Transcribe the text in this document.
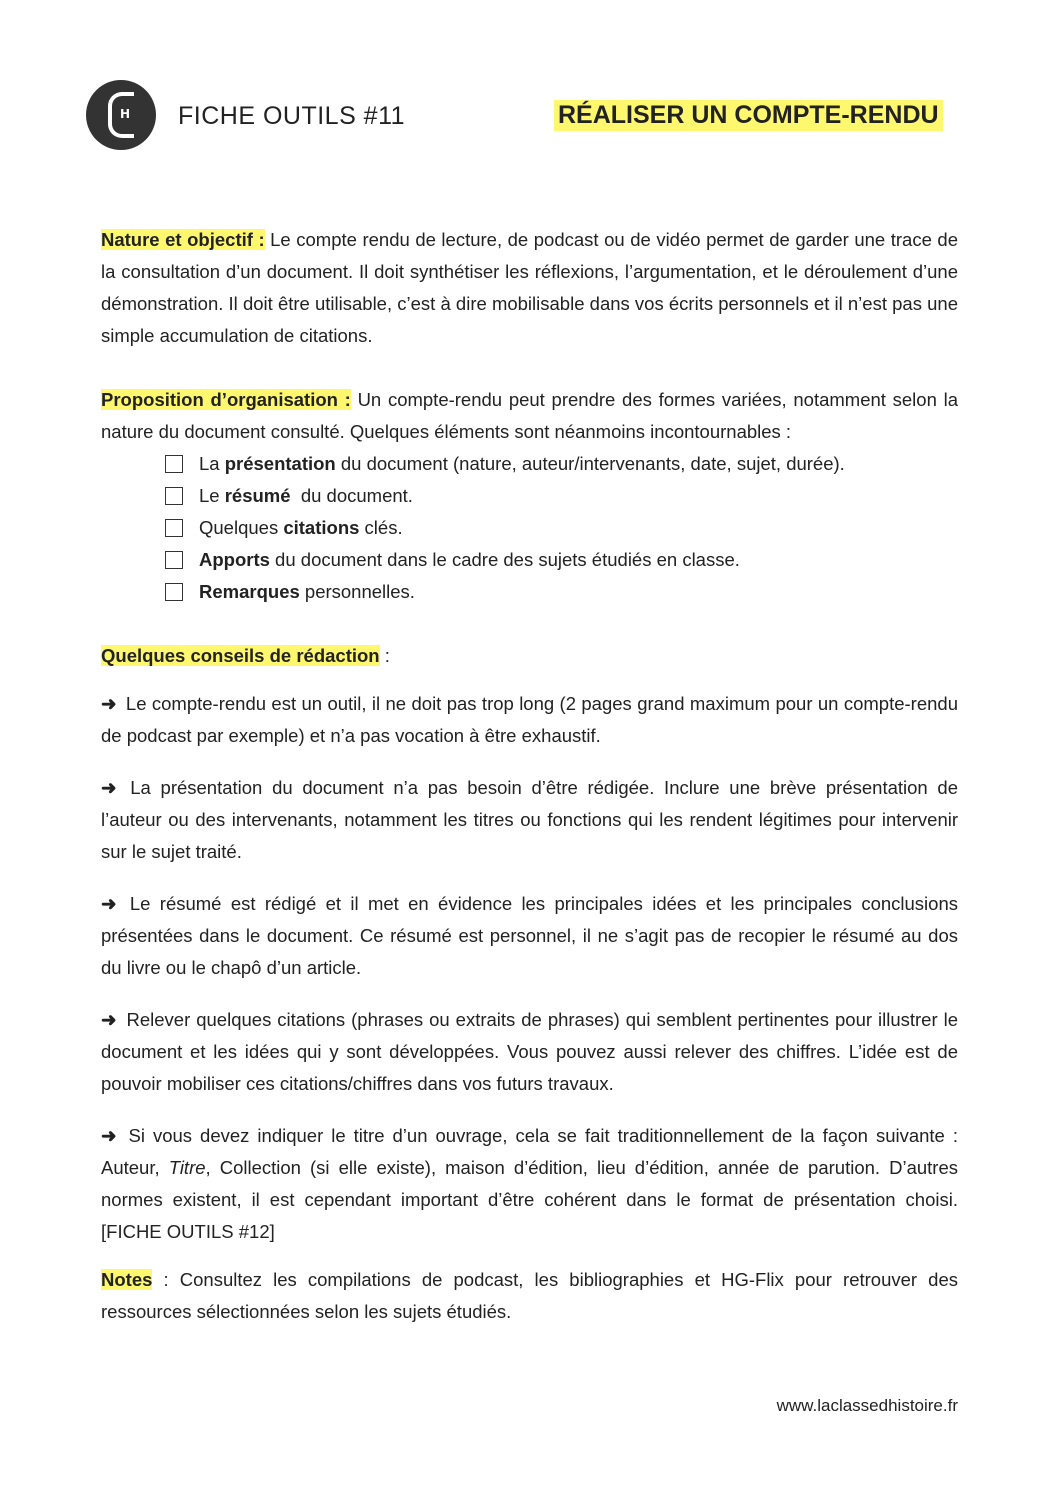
H FICHE OUTILS #11	RÉALISER UN COMPTE-RENDU

Nature et objectif : Le compte rendu de lecture, de podcast ou de vidéo permet de garder une trace de la consultation d’un document. Il doit synthétiser les réflexions, l’argumentation, et le déroulement d’une démonstration. Il doit être utilisable, c’est à dire mobilisable dans vos écrits personnels et il n’est pas une simple accumulation de citations.

Proposition d’organisation : Un compte-rendu peut prendre des formes variées, notamment selon la nature du document consulté. Quelques éléments sont néanmoins incontournables :

La présentation du document (nature, auteur/intervenants, date, sujet, durée).
Le résumé  du document.
Quelques citations clés.
Apports du document dans le cadre des sujets étudiés en classe.
Remarques personnelles.

Quelques conseils de rédaction :

➜ Le compte-rendu est un outil, il ne doit pas trop long (2 pages grand maximum pour un compte-rendu de podcast par exemple) et n’a pas vocation à être exhaustif.

➜ La présentation du document n’a pas besoin d’être rédigée. Inclure une brève présentation de l’auteur ou des intervenants, notamment les titres ou fonctions qui les rendent légitimes pour intervenir sur le sujet traité.

➜ Le résumé est rédigé et il met en évidence les principales idées et les principales conclusions présentées dans le document. Ce résumé est personnel, il ne s’agit pas de recopier le résumé au dos du livre ou le chapô d’un article.

➜ Relever quelques citations (phrases ou extraits de phrases) qui semblent pertinentes pour illustrer le document et les idées qui y sont développées. Vous pouvez aussi relever des chiffres. L’idée est de pouvoir mobiliser ces citations/chiffres dans vos futurs travaux.

➜ Si vous devez indiquer le titre d’un ouvrage, cela se fait traditionnellement de la façon suivante : Auteur, Titre, Collection (si elle existe), maison d’édition, lieu d’édition, année de parution. D’autres normes existent, il est cependant important d’être cohérent dans le format de présentation choisi. [FICHE OUTILS #12]

Notes : Consultez les compilations de podcast, les bibliographies et HG-Flix pour retrouver des ressources sélectionnées selon les sujets étudiés.

www.laclassedhistoire.fr
